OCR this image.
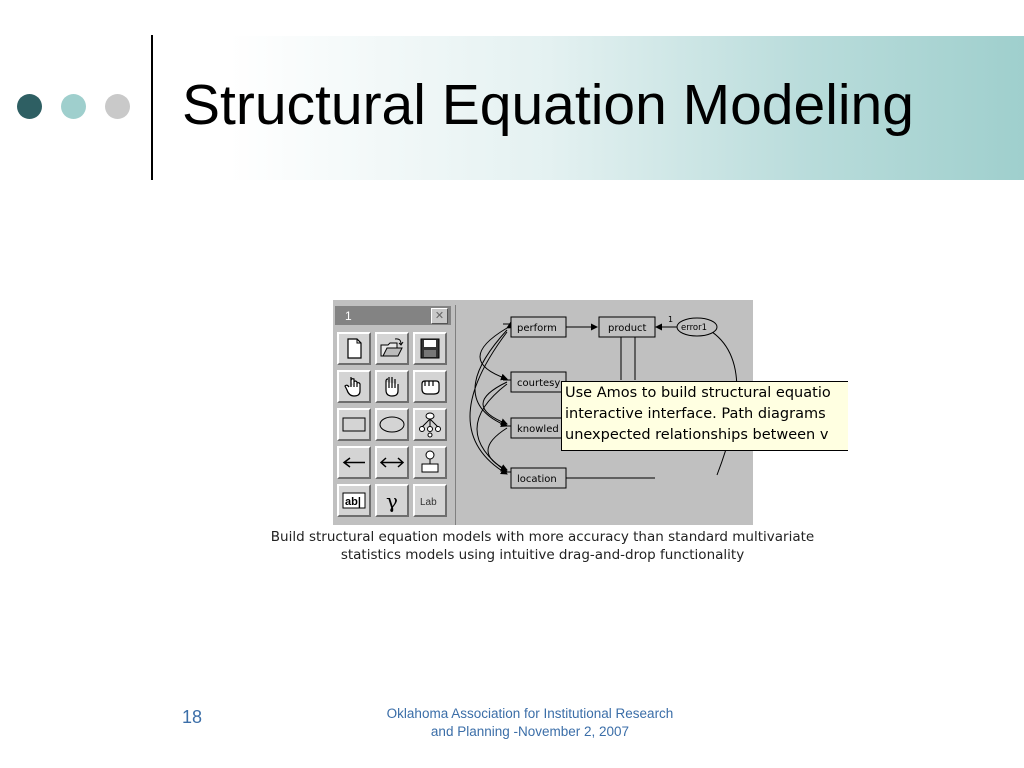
Structural Equation Modeling
1	✕
ab| γ Lab
perform	product	error1
1
courtesy
knowled
location
Use Amos to build structural equatio
interactive interface. Path diagrams
unexpected relationships between v
Build structural equation models with more accuracy than standard multivariate
statistics models using intuitive drag-and-drop functionality
18	Oklahoma Association for Institutional Research
and Planning -November 2, 2007
